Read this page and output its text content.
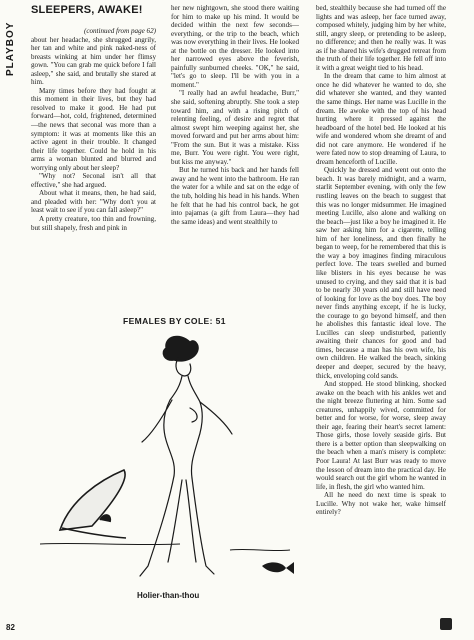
PLAYBOY
SLEEPERS, AWAKE!
(continued from page 62)

about her headache, she shrugged angrily, her tan and white and pink naked-ness of breasts winking at him under her flimsy gown. "You can grab me quick before I fall asleep," she said, and brutally she stared at him.

Many times before they had fought at this moment in their lives, but they had resolved to make it good. He had put forward—hot, cold, frightened, determined—the news that seconal was more than a symptom: it was at moments like this an active agent in their trouble. It changed their life together. Could he hold in his arms a woman blunted and blurred and worrying only about her sleep?

"Why not? Seconal isn't all that effective," she had argued.

About what it means, then, he had said, and pleaded with her: "Why don't you at least wait to see if you can fall asleep?"

A pretty creature, too thin and frowning, but still shapely, fresh and pink in

her new nightgown, she stood there waiting for him to make up his mind. It would be decided within the next few seconds—everything, or the trip to the beach, which was now everything in their lives. He looked at the bottle on the dresser. He looked into her narrowed eyes above the feverish, painfully sunburned cheeks. "OK," he said, "let's go to sleep. I'll be with you in a moment."

"I really had an awful headache, Burr," she said, softening abruptly. She took a step toward him, and with a rising pitch of relenting feeling, of desire and regret that almost swept him weeping against her, she moved forward and put her arms about him: "From the sun. But it was a mistake. Kiss me, Burr. You were right. You were right, but kiss me anyway."

But he turned his back and her hands fell away and he went into the bathroom. He ran the water for a while and sat on the edge of the tub, holding his head in his hands. When he felt that he had his control back, he got into pajamas (a gift from Laura—they had the same ideas) and went stealthily to

bed, stealthily because she had turned off the lights and was asleep, her face turned away, composed whitely, judging him by her white, still, angry sleep, or pretending to be asleep, no difference; and then he really was. It was as if he shared his wife's drugged retreat from the truth of their life together. He fell off into it with a great weight tied to his head.

In the dream that came to him almost at once he did whatever he wanted to do, she did whatever she wanted, and they wanted the same things. Her name was Lucille in the dream. He awoke with the top of his head hurting where it pressed against the headboard of the hotel bed. He looked at his wife and wondered whom she dreamt of and did not care anymore. He wondered if he were fated now to stop dreaming of Laura, to dream henceforth of Lucille.

Quickly he dressed and went out onto the beach. It was barely midnight, and a warm, starlit September evening, with only the few rustling leaves on the beach to suggest that this was no longer midsummer. He imagined meeting Lucille, also alone and walking on the beach—just like a boy he imagined it. He saw her asking him for a cigarette, telling him of her loneliness, and then finally he began to weep, for he remembered that this is the way a boy imagines finding miraculous perfect love. The tears swelled and burned like blisters in his eyes because he was unused to crying, and they said that it is bad to be nearly 30 years old and still have need of looking for love as the boy does. The boy never finds anything except, if he is lucky, the courage to go beyond himself, and then he abolishes this fantastic ideal love. The Lucilles can sleep undisturbed, patiently awaiting their chances for good and bad times, because a man has his own wife, his own children. He walked the beach, sinking deeper and deeper, secured by the heavy, thick, enveloping cold sands.

And stopped. He stood blinking, shocked awake on the beach with his ankles wet and the night breeze fluttering at him. Some sad creatures, unhappily wived, committed for better and for worse, for worse, sleep away their age, fearing their heart's secret lament: Those girls, those lovely seaside girls. But there is a better option than sleepwalking on the beach when a man's misery is complete: Poor Laura! At last Burr was ready to move the lesson of dream into the practical day. He would search out the girl whom he wanted in life, in flesh, the girl who wanted him.

All he need do next time is speak to Lucille. Why not wake her, wake himself entirely?

FEMALES BY COLE: 51
Holier-than-thou
82
